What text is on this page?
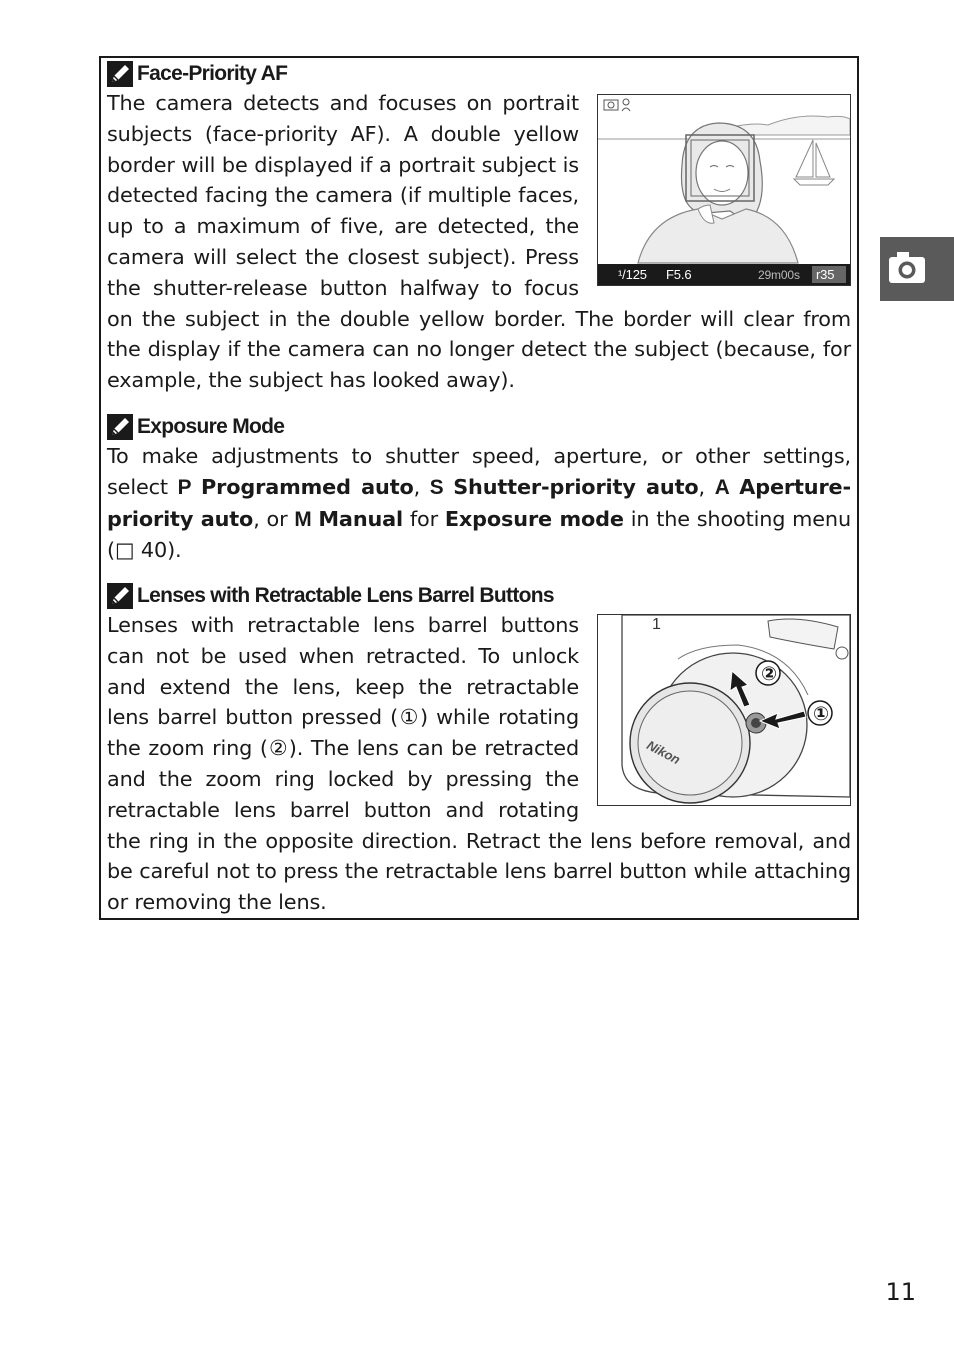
Face-Priority AF
¹/125 F5.6	29m00s r35
The camera detects and focuses on portrait subjects (face-priority AF). A double yellow border will be displayed if a portrait subject is detected facing the camera (if multiple faces, up to a maximum of five, are detected, the camera will select the closest subject). Press the shutter-release button halfway to focus on the subject in the double yellow border. The border will clear from the display if the camera can no longer detect the subject (because, for example, the subject has looked away).
Exposure Mode
To make adjustments to shutter speed, aperture, or other settings, select P Programmed auto, S Shutter-priority auto, A Aperture-priority auto, or M Manual for Exposure mode in the shooting menu (□ 40).
Lenses with Retractable Lens Barrel Buttons
1
Nikon
②
①
Lenses with retractable lens barrel buttons can not be used when retracted. To unlock and extend the lens, keep the retractable lens barrel button pressed (①) while rotating the zoom ring (②). The lens can be retracted and the zoom ring locked by pressing the retractable lens barrel button and rotating the ring in the opposite direction. Retract the lens before removal, and be careful not to press the retractable lens barrel button while attaching or removing the lens.
11
